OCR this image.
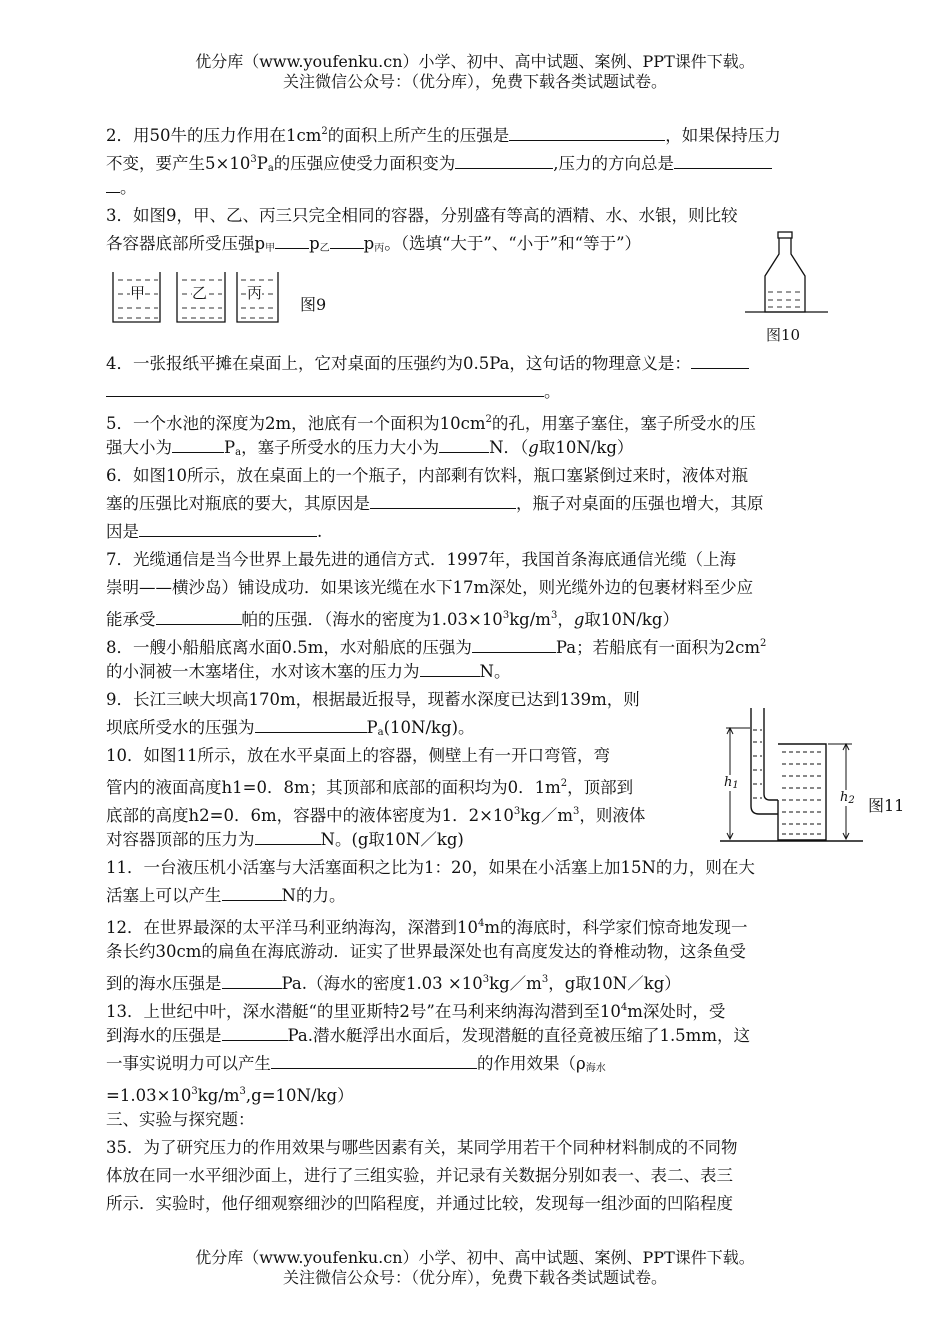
优分库（www.youfenku.cn）小学、初中、高中试题、案例、PPT课件下载。
关注微信公众号：（优分库），免费下载各类试题试卷。
2．用50牛的压力作用在$1cm^2$的面积上所产生的压强是	，如果保持压力
不变，要产生$5\times 10^3P_a$的压强应使受力面积变为	,压力的方向总是
。
3．如图9，甲、乙、丙三只完全相同的容器，分别盛有等高的酒精、水、水银，则比较
各容器底部所受压强$p_甲$ $p_乙$ $p_丙$。（选填“大于”、“小于”和“等于”）
甲	乙	丙
图9
图10
4．一张报纸平摊在桌面上，它对桌面的压强约为0.5Pa，这句话的物理意义是：
。
5．一个水池的深度为2m，池底有一个面积为$10cm^2$的孔，用塞子塞住，塞子所受水的压
强大小为	$P_a$，塞子所受水的压力大小为	N．（g取10N/kg）
6．如图10所示，放在桌面上的一个瓶子，内部剩有饮料，瓶口塞紧倒过来时，液体对瓶
塞的压强比对瓶底的要大，其原因是	，瓶子对桌面的压强也增大，其原
因是	.
7．光缆通信是当今世界上最先进的通信方式．1997年，我国首条海底通信光缆（上海
崇明——横沙岛）铺设成功．如果该光缆在水下17m深处，则光缆外边的包裹材料至少应
能承受	帕的压强．（海水的密度为$1.03\times 10^3kg/m^3$，g取10N/kg）
8．一艘小船船底离水面0.5m，水对船底的压强为	Pa；若船底有一面积为$2cm^2$
的小洞被一木塞堵住，水对该木塞的压力为	N。
9．长江三峡大坝高170m，根据最近报导，现蓄水深度已达到139m，则
坝底所受水的压强为	$P_a(10N/kg)$。
10．如图11所示，放在水平桌面上的容器，侧壁上有一开口弯管，弯
管内的液面高度h1=0．8m；其顶部和底部的面积均为0．$1m^2$，顶部到
底部的高度h2=0．6m，容器中的液体密度为1．$2\times 10^3kg/m^3$，则液体
对容器顶部的压力为	N。(g取10N／kg)
$h_1$
$h_2$ 图11
11．一台液压机小活塞与大活塞面积之比为1：20，如果在小活塞上加15N的力，则在大
活塞上可以产生	N的力。
12．在世界最深的太平洋马利亚纳海沟，深潜到$10^4m$的海底时，科学家们惊奇地发现一
条长约30cm的扁鱼在海底游动．证实了世界最深处也有高度发达的脊椎动物，这条鱼受
到的海水压强是	Pa.（海水的密度$1.03 \times 10^3kg/m^3$，g取10N／kg）
13．上世纪中叶，深水潜艇“的里亚斯特2号”在马利来纳海沟潜到至$10^4m$深处时，受
到海水的压强是	Pa.潜水艇浮出水面后，发现潜艇的直径竟被压缩了1.5mm，这
一事实说明力可以产生	的作用效果（$\rho_{海水}$
$=1.03\times 10^3kg/m^3,g=10N/kg$）
三、实验与探究题：
35．为了研究压力的作用效果与哪些因素有关，某同学用若干个同种材料制成的不同物
体放在同一水平细沙面上，进行了三组实验，并记录有关数据分别如表一、表二、表三
所示．实验时，他仔细观察细沙的凹陷程度，并通过比较，发现每一组沙面的凹陷程度
优分库（www.youfenku.cn）小学、初中、高中试题、案例、PPT课件下载。
关注微信公众号：（优分库），免费下载各类试题试卷。
